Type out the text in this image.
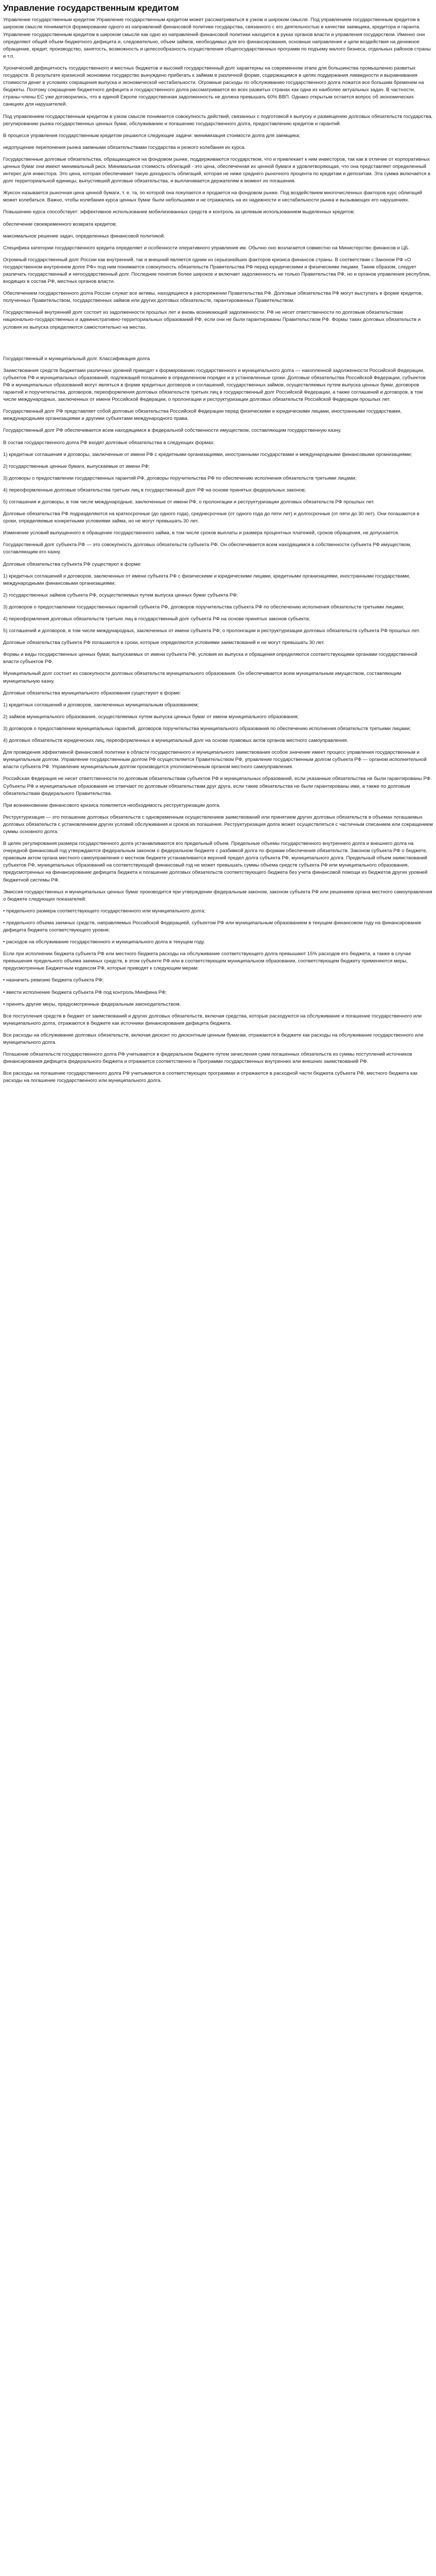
Управление государственным кредитом

Управление государственным кредитом Управление государственным кредитом может рассматриваться в узком и широком смысле. Под управлением государственным кредитом в широком смысле понимается формирование одного из направлений финансовой политики государства, связанного с его деятельностью в качестве заемщика, кредитора и гаранта. Управление государственным кредитом в широком смысле как одно из направлений финансовой политики находится в руках органов власти и управления государством. Именно они определяют общий объем бюджетного дефицита и, следовательно, объем займов, необходимых для его финансирования, основные направления и цели воздействия на денежное обращение, кредит, производство, занятость, возможность и целесообразность осуществления общегосударственных программ по подъему малого бизнеса, отдельных районов страны и т.п.

Хронический дефицитность государственного и местных бюджетов и высокий государственный долг характерны на современном этапе для большинства промышленно развитых государств. В результате кризисной экономики государство вынуждено прибегать к займам в различной форме, содержащимся в целях поддержания ликвидности и выравнивания стоимости денег в условиях сокращения выпуска и экономической нестабильности. Огромные расходы по обслуживанию государственного долга ложатся все большим бременем на бюджеты. Поэтому сокращение бюджетного дефицита и государственного долга рассматривается во всех развитых странах как одна из наиболее актуальных задач. В частности, страны-члены ЕС уже договорились, что в единой Европе государственная задолженность не должна превышать 60% ВВП. Однако открытым остается вопрос об экономических санкциях для нарушителей.

Под управлением государственным кредитом в узком смысле понимается совокупность действий, связанных с подготовкой к выпуску и размещению долговых обязательств государства, регулированию рынка государственных ценных бумаг, обслуживанию и погашению государственного долга, предоставлению кредитов и гарантий.

В процессе управления государственным кредитом решаются следующие задачи: минимизация стоимости долга для заемщика;

недопущение перепонения рынка заемными обязательствами государства и резкого колебания их курса.

Государственные долговые обязательства, обращающиеся на фондовом рынке, поддерживаются государством, что и привлекает к ним инвесторов, так как в отличие от корпоративных ценных бумаг они имеют минимальный риск. Минимальная стоимость облигаций - это цена, обеспеченная их ценной бумаги и удовлетворяющая, что она представляет определенный интерес для инвестора. Это цена, которая обеспечивает такую доходность облигаций, которая не ниже среднего рыночного процента по кредитам и депозитам. Эта сумма включается в долг территориальной единицы, выпустившей долговые обязательства, и выплачивается держателям в момент их погашения.

Жуксон называется рыночная цена ценной бумаги, т. е. та, по которой она покупается и продается на фондовом рынке. Под воздействием многочисленных факторов курс облигаций может колебаться. Важно, чтобы колебания курса ценных бумаг были небольшими и не отражались на их надежности и нестабильности рынка и вызывающих его нарушениях.

Повышению курса способствует: эффективное использование мобилизованных средств и контроль за целевым использованием выделенных кредитов;

обеспечение своевременного возврата кредитов;

максимальное решение задач, определенных финансовой политикой.

Специфика категории государственного кредита определяет и особенности оперативного управления им. Обычно оно возлагается совместно на Министерство финансов и ЦБ.

Огромный государственный долг России как внутренний, так и внешний является одним из серьезнейших факторов кризиса финансов страны. В соответствии с Законом РФ «О государственном внутреннем долге РФ» под ним понимается совокупность обязательств Правительства РФ перед юридическими и физическими лицами. Таким образом, следует различать государственный и негосударственный долг. Последние понятия более широкое и включает задолженность не только Правительства РФ, но и органов управления республик, входящих в состав РФ, местных органов власти.

Обеспечением государственного долга России служат все активы, находящиеся в распоряжении Правительства РФ. Долговые обязательства РФ могут выступать в форме кредитов, полученных Правительством, государственных займов или других долговых обязательств, гарантированных Правительством.

Государственный внутренний долг состоит из задолженности прошлых лет и вновь возникающей задолженности. РФ не несет ответственности по долговым обязательствам национально-государственных и административно-территориальных образований РФ, если они не были гарантированы Правительством РФ. Формы таких долговых обязательств и условия их выпуска определяются самостоятельно на местах.

Государственный и муниципальный долг. Классификация долга

Заимствования средств бюджетами различных уровней приводят к формированию государственного и муниципального долга — накопленной задолженности Российской Федерации, субъектов РФ и муниципальных образований, подлежащей погашению в определенном порядке и в установленные сроки. Долговые обязательства Российской Федерации, субъектов РФ и муниципальных образований могут являться в форме кредитных договоров и соглашений, государственных займов, осуществляемых путем выпуска ценных бумаг, договоров гарантий и поручительства, договоров, переоформления долговых обязательств третьих лиц в государственный долг Российской Федерации, а также соглашений и договоров, в том числе международных, заключенных от имени Российской Федерации, о пролонгации и реструктуризации долговых обязательств Российской Федерации прошлых лет.

Государственный долг РФ представляет собой долговые обязательства Российской Федерации перед физическими и юридическими лицами, иностранными государствами, международными организациями и другими субъектами международного права.

Государственный долг РФ обеспечивается всем находящимся в федеральной собственности имуществом, составляющим государственную казну.

В состав государственного долга РФ входят долговые обязательства в следующих формах:

1) кредитные соглашения и договоры, заключенные от имени РФ с кредитными организациями, иностранными государствами и международными финансовыми организациями;

2) государственные ценные бумаги, выпускаемые от имени РФ;

3) договоры о предоставлении государственных гарантий РФ, договоры поручительства РФ по обеспечению исполнения обязательств третьими лицами;

4) переоформленные долговые обязательства третьих лиц в государственный долг РФ на основе принятых федеральных законов;

5) соглашения и договоры, в том числе международные, заключенные от имени РФ, о пролонгации и реструктуризации долговых обязательств РФ прошлых лет.

Долговые обязательства РФ подразделяются на краткосрочные (до одного года), среднесрочные (от одного года до пяти лет) и долгосрочные (от пяти до 30 лет). Они погашаются в сроки, определяемые конкретными условиями займа, но не могут превышать 30 лет.

Изменение условий выпущенного в обращение государственного займа, в том числе сроков выплаты и размера процентных платежей, сроков обращения, не допускается.

Государственный долг субъекта РФ — это совокупность долговых обязательств субъекта РФ. Он обеспечивается всем находящимся в собственности субъекта РФ имуществом, составляющим его казну.

Долговые обязательства субъекта РФ существуют в форме:

1) кредитных соглашений и договоров, заключенных от имени субъекта РФ с физическими и юридическими лицами, кредитными организациями, иностранными государствами, международными финансовыми организациями;

2) государственных займов субъекта РФ, осуществляемых путем выпуска ценных бумаг субъекта РФ;

3) договоров о предоставлении государственных гарантий субъекта РФ, договоров поручительства субъекта РФ по обеспечению исполнения обязательств третьими лицами;

4) переоформления долговых обязательств третьих лиц в государственный долг субъекта РФ на основе принятых законов субъекта;

5) соглашений и договоров, в том числе международных, заключенных от имени субъекта РФ, о пролонгации и реструктуризации долговых обязательств субъекта РФ прошлых лет.

Долговые обязательства субъекта РФ погашаются в сроки, которые определяются условиями заимствований и не могут превышать 30 лет.

Формы и виды государственных ценных бумаг, выпускаемых от имени субъекта РФ, условия их выпуска и обращения определяются соответствующими органами государственной власти субъектов РФ.

Муниципальный долг состоит из совокупности долговых обязательств муниципального образования. Он обеспечивается всем муниципальным имуществом, составляющим муниципальную казну.

Долговые обязательства муниципального образования существуют в форме:

1) кредитных соглашений и договоров, заключенных муниципальным образованием;

2) займов муниципального образования, осуществляемых путем выпуска ценных бумаг от имени муниципального образования;

3) договоров о предоставлении муниципальных гарантий, договоров поручительства муниципального образования по обеспечению исполнения обязательств третьими лицами;

4) долговых обязательств юридических лиц, переоформленных в муниципальный долг на основе правовых актов органов местного самоуправления.

Для проведения эффективной финансовой политики в области государственного и муниципального заимствования особое значение имеет процесс управления государственным и муниципальным долгом. Управление государственным долгом РФ осуществляется Правительством РФ, управление государственным долгом субъекта РФ — органом исполнительной власти субъекта РФ. Управление муниципальным долгом производится уполномоченным органом местного самоуправления.

Российская Федерация не несет ответственности по долговым обязательствам субъектов РФ и муниципальных образований, если указанные обязательства не были гарантированы РФ. Субъекты РФ и муниципальные образования не отвечают по долговым обязательствам друг друга, если такие обязательства не были гарантированы ими, а также по долговым обязательствам федерального Правительства.

При возникновении финансового кризиса появляется необходимость реструктуризации долга.

Реструктуризация — это погашение долговых обязательств с одновременным осуществлением заимствований или принятием других долговых обязательств в объемах погашаемых долговых обязательств с установлением других условий обслуживания и сроков их погашения. Реструктуризация долга может осуществляться с частичным списанием или сокращением суммы основного долга.

В целях регулирования размера государственного долга устанавливаются его предельный объем. Предельные объемы государственного внутреннего долга и внешнего долга на очередной финансовый год утверждаются федеральным законом о федеральном бюджете с разбивкой долга по формам обеспечения обязательств. Законом субъекта РФ о бюджете, правовым актом органа местного самоуправления о местном бюджете устанавливается верхний предел долга субъекта РФ, муниципального долга. Предельный объем заимствований субъектов РФ, муниципальных образований на соответствующий финансовый год не может превышать суммы объема средств субъекта РФ или муниципального образования, предусмотренных на финансирование дефицита бюджета и погашение долговых обязательств соответствующего бюджета без учета финансовой помощи из бюджетов других уровней бюджетной системы РФ.

Эмиссия государственных и муниципальных ценных бумаг производится при утверждении федеральным законом, законом субъекта РФ или решением органа местного самоуправления о бюджете следующих показателей:

• предельного размера соответствующего государственного или муниципального долга;

• предельного объема заемных средств, направляемых Российской Федерацией, субъектом РФ или муниципальным образованием в текущем финансовом году на финансирование дефицита бюджета соответствующего уровня;

• расходов на обслуживание государственного и муниципального долга в текущем году.

Если при исполнении бюджета субъекта РФ или местного бюджета расходы на обслуживание соответствующего долга превышают 15% расходов его бюджета, а также в случае превышения предельного объема заемных средств, в этом субъекте РФ или в соответствующем муниципальном образовании, соответствующем бюджету применяются меры, предусмотренные Бюджетным кодексом РФ, которые приводят к следующим мерам:

• назначить ревизию бюджета субъекта РФ;

• ввести исполнение бюджета субъекта РФ под контроль Минфина РФ;

• принять другие меры, предусмотренные федеральным законодательством.

Все поступления средств в бюджет от заимствований и других долговых обязательств, включая средства, которые расходуются на обслуживание и погашение государственного или муниципального долга, отражаются в бюджете как источники финансирования дефицита бюджета.

Все расходы на обслуживание долговых обязательств, включая дисконт по дисконтным ценным бумагам, отражаются в бюджете как расходы на обслуживание государственного или муниципального долга.

Погашение обязательств государственного долга РФ учитывается в федеральном бюджете путем зачисления сумм погашенных обязательств из суммы поступлений источников финансирования дефицита федерального бюджета и отражается соответственно в Программе государственных внутренних или внешних заимствований РФ.

Все расходы на погашение государственного долга РФ учитываются в соответствующих программах и отражаются в расходной части бюджета субъекта РФ, местного бюджета как расходы на погашение государственного или муниципального долга.
